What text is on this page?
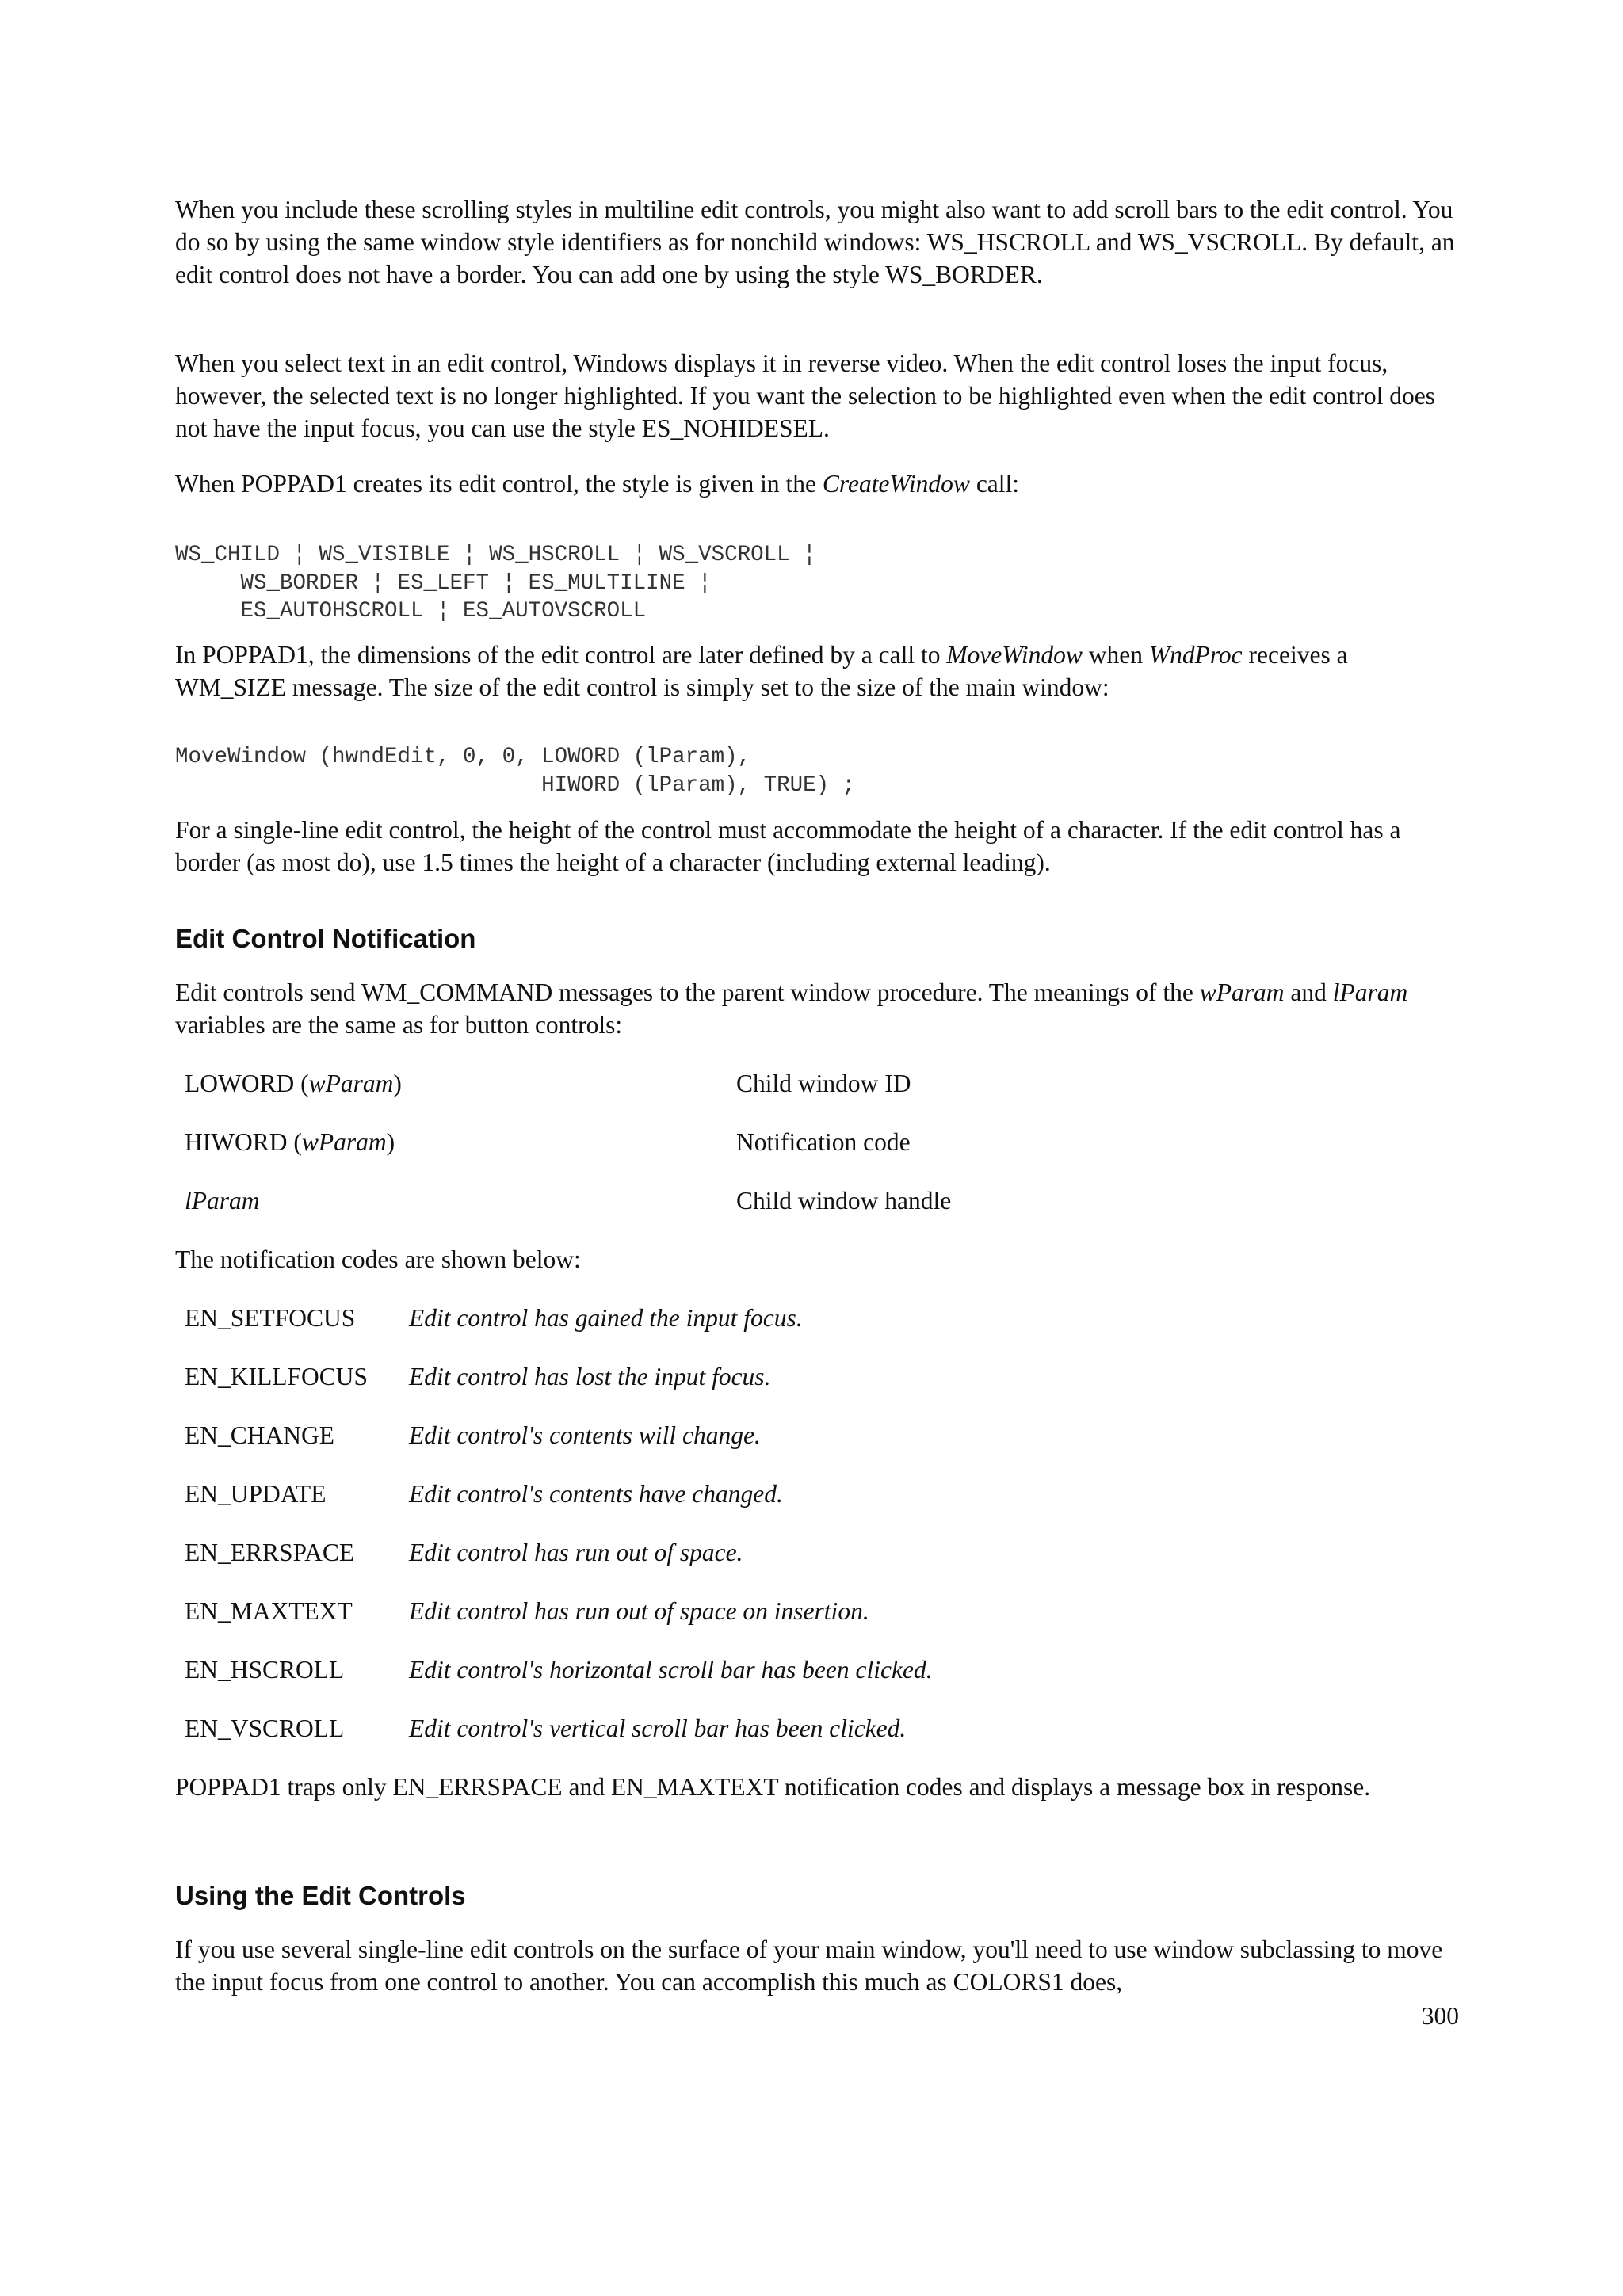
When you include these scrolling styles in multiline edit controls, you might also want to add scroll bars to the edit control. You do so by using the same window style identifiers as for nonchild windows: WS_HSCROLL and WS_VSCROLL. By default, an edit control does not have a border. You can add one by using the style WS_BORDER.

When you select text in an edit control, Windows displays it in reverse video. When the edit control loses the input focus, however, the selected text is no longer highlighted. If you want the selection to be highlighted even when the edit control does not have the input focus, you can use the style ES_NOHIDESEL.

When POPPAD1 creates its edit control, the style is given in the CreateWindow call:

WS_CHILD ¦ WS_VISIBLE ¦ WS_HSCROLL ¦ WS_VSCROLL ¦
WS_BORDER ¦ ES_LEFT ¦ ES_MULTILINE ¦
ES_AUTOHSCROLL ¦ ES_AUTOVSCROLL

In POPPAD1, the dimensions of the edit control are later defined by a call to MoveWindow when WndProc receives a WM_SIZE message. The size of the edit control is simply set to the size of the main window:

MoveWindow (hwndEdit, 0, 0, LOWORD (lParam),
HIWORD (lParam), TRUE) ;

For a single-line edit control, the height of the control must accommodate the height of a character. If the edit control has a border (as most do), use 1.5 times the height of a character (including external leading).

Edit Control Notification

Edit controls send WM_COMMAND messages to the parent window procedure. The meanings of the wParam and lParam variables are the same as for button controls:

LOWORD (wParam)	Child window ID
HIWORD (wParam)	Notification code
lParam	Child window handle

The notification codes are shown below:

EN_SETFOCUS Edit control has gained the input focus.
EN_KILLFOCUS Edit control has lost the input focus.
EN_CHANGE	Edit control's contents will change.
EN_UPDATE	Edit control's contents have changed.
EN_ERRSPACE Edit control has run out of space.
EN_MAXTEXT Edit control has run out of space on insertion.
EN_HSCROLL	Edit control's horizontal scroll bar has been clicked.
EN_VSCROLL	Edit control's vertical scroll bar has been clicked.

POPPAD1 traps only EN_ERRSPACE and EN_MAXTEXT notification codes and displays a message box in response.

Using the Edit Controls

If you use several single-line edit controls on the surface of your main window, you'll need to use window subclassing to move the input focus from one control to another. You can accomplish this much as COLORS1 does,

300
